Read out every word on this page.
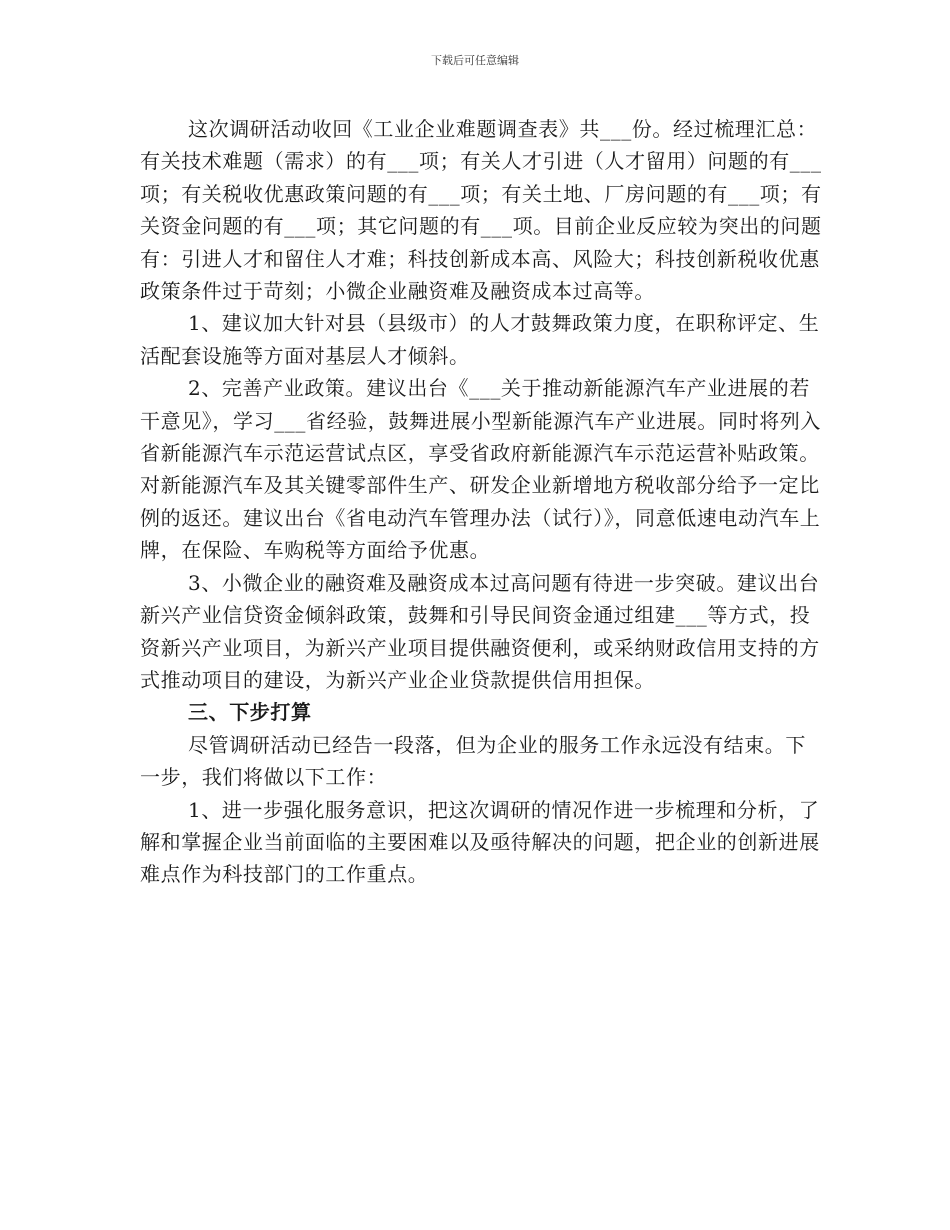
下载后可任意编辑

这次调研活动收回《工业企业难题调查表》共___份。经过梳理汇总：有关技术难题（需求）的有___项；有关人才引进（人才留用）问题的有___项；有关税收优惠政策问题的有___项；有关土地、厂房问题的有___项；有关资金问题的有___项；其它问题的有___项。目前企业反应较为突出的问题有：引进人才和留住人才难；科技创新成本高、风险大；科技创新税收优惠政策条件过于苛刻；小微企业融资难及融资成本过高等。

1、建议加大针对县（县级市）的人才鼓舞政策力度，在职称评定、生活配套设施等方面对基层人才倾斜。

2、完善产业政策。建议出台《___关于推动新能源汽车产业进展的若干意见》，学习___省经验，鼓舞进展小型新能源汽车产业进展。同时将列入省新能源汽车示范运营试点区，享受省政府新能源汽车示范运营补贴政策。对新能源汽车及其关键零部件生产、研发企业新增地方税收部分给予一定比例的返还。建议出台《省电动汽车管理办法（试行）》，同意低速电动汽车上牌，在保险、车购税等方面给予优惠。

3、小微企业的融资难及融资成本过高问题有待进一步突破。建议出台新兴产业信贷资金倾斜政策，鼓舞和引导民间资金通过组建___等方式，投资新兴产业项目，为新兴产业项目提供融资便利，或采纳财政信用支持的方式推动项目的建设，为新兴产业企业贷款提供信用担保。

三、下步打算

尽管调研活动已经告一段落，但为企业的服务工作永远没有结束。下一步，我们将做以下工作：

1、进一步强化服务意识，把这次调研的情况作进一步梳理和分析，了解和掌握企业当前面临的主要困难以及亟待解决的问题，把企业的创新进展难点作为科技部门的工作重点。
